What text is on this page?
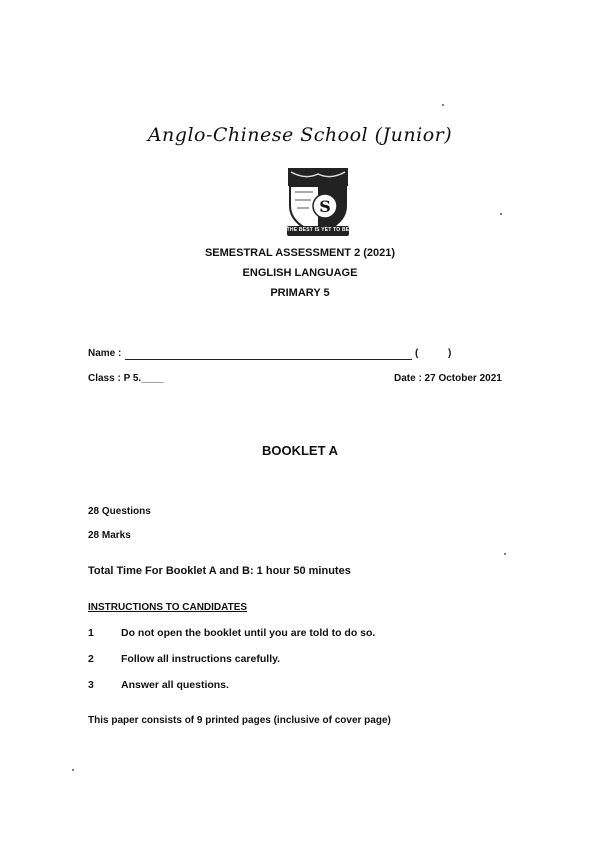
Anglo-Chinese School (Junior)
S
THE BEST IS YET TO BE
SEMESTRAL ASSESSMENT 2 (2021)
ENGLISH LANGUAGE
PRIMARY 5
Name :	(	)
Class : P 5.____	Date : 27 October 2021
BOOKLET A
28 Questions
28 Marks
Total Time For Booklet A and B: 1 hour 50 minutes
INSTRUCTIONS TO CANDIDATES
1	Do not open the booklet until you are told to do so.
2	Follow all instructions carefully.
3	Answer all questions.
This paper consists of 9 printed pages (inclusive of cover page)
